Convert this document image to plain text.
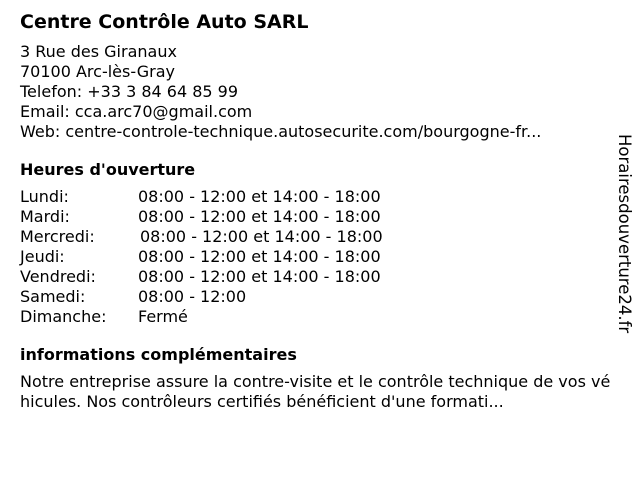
Centre Contrôle Auto SARL
3 Rue des Giranaux
70100 Arc-lès-Gray
Telefon: +33 3 84 64 85 99
Email: cca.arc70@gmail.com
Web: centre-controle-technique.autosecurite.com/bourgogne-fr...
Heures d'ouverture
Lundi:	08:00 - 12:00 et 14:00 - 18:00
Mardi:	08:00 - 12:00 et 14:00 - 18:00
Mercredi:	08:00 - 12:00 et 14:00 - 18:00
Jeudi:	08:00 - 12:00 et 14:00 - 18:00
Vendredi:	08:00 - 12:00 et 14:00 - 18:00
Samedi:	08:00 - 12:00
Dimanche:	Fermé
informations complémentaires
Notre entreprise assure la contre-visite et le contrôle technique de vos véhicules. Nos contrôleurs certifiés bénéficient d'une formati...
Horairesdouverture24.fr
